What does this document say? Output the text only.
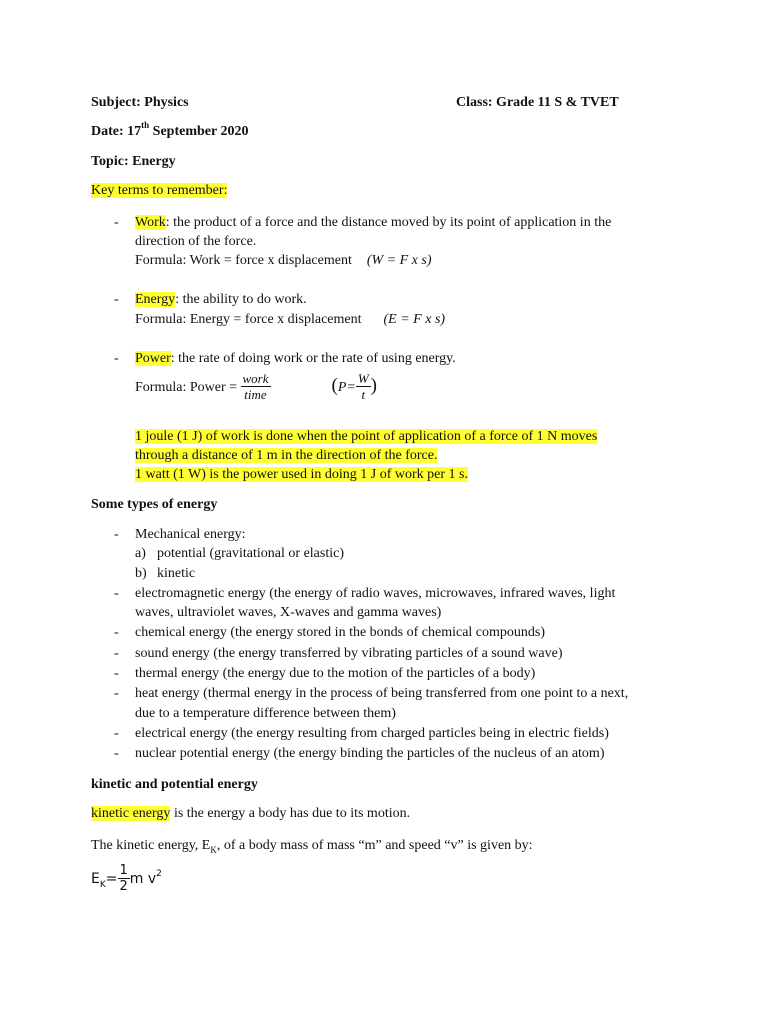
Subject: Physics	Class: Grade 11 S & TVET
Date: 17th September 2020
Topic: Energy
Key terms to remember:
- Work: the product of a force and the distance moved by its point of application in the
direction of the force.
Formula: Work = force x displacement (W = F x s)
- Energy: the ability to do work.
Formula: Energy = force x displacement (E = F x s)
- Power: the rate of doing work or the rate of using energy.
Formula: Power = $\frac{\text{work}}{\text{time}}$	($P= \frac{W}{t}$ )
1 joule (1 J) of work is done when the point of application of a force of 1 N moves
through a distance of 1 m in the direction of the force.
1 watt (1 W) is the power used in doing 1 J of work per 1 s.
Some types of energy
- Mechanical energy:
a) potential (gravitational or elastic)
b) kinetic
- electromagnetic energy (the energy of radio waves, microwaves, infrared waves, light
waves, ultraviolet waves, X-waves and gamma waves)
- chemical energy (the energy stored in the bonds of chemical compounds)
- sound energy (the energy transferred by vibrating particles of a sound wave)
- thermal energy (the energy due to the motion of the particles of a body)
- heat energy (thermal energy in the process of being transferred from one point to a next,
due to a temperature difference between them)
- electrical energy (the energy resulting from charged particles being in electric fields)
- nuclear potential energy (the energy binding the particles of the nucleus of an atom)
kinetic and potential energy
kinetic energy is the energy a body has due to its motion.
The kinetic energy, $E_K$, of a body mass of mass “m” and speed “v” is given by:
$E_K= \frac{1}{2}$ m $v^2$
